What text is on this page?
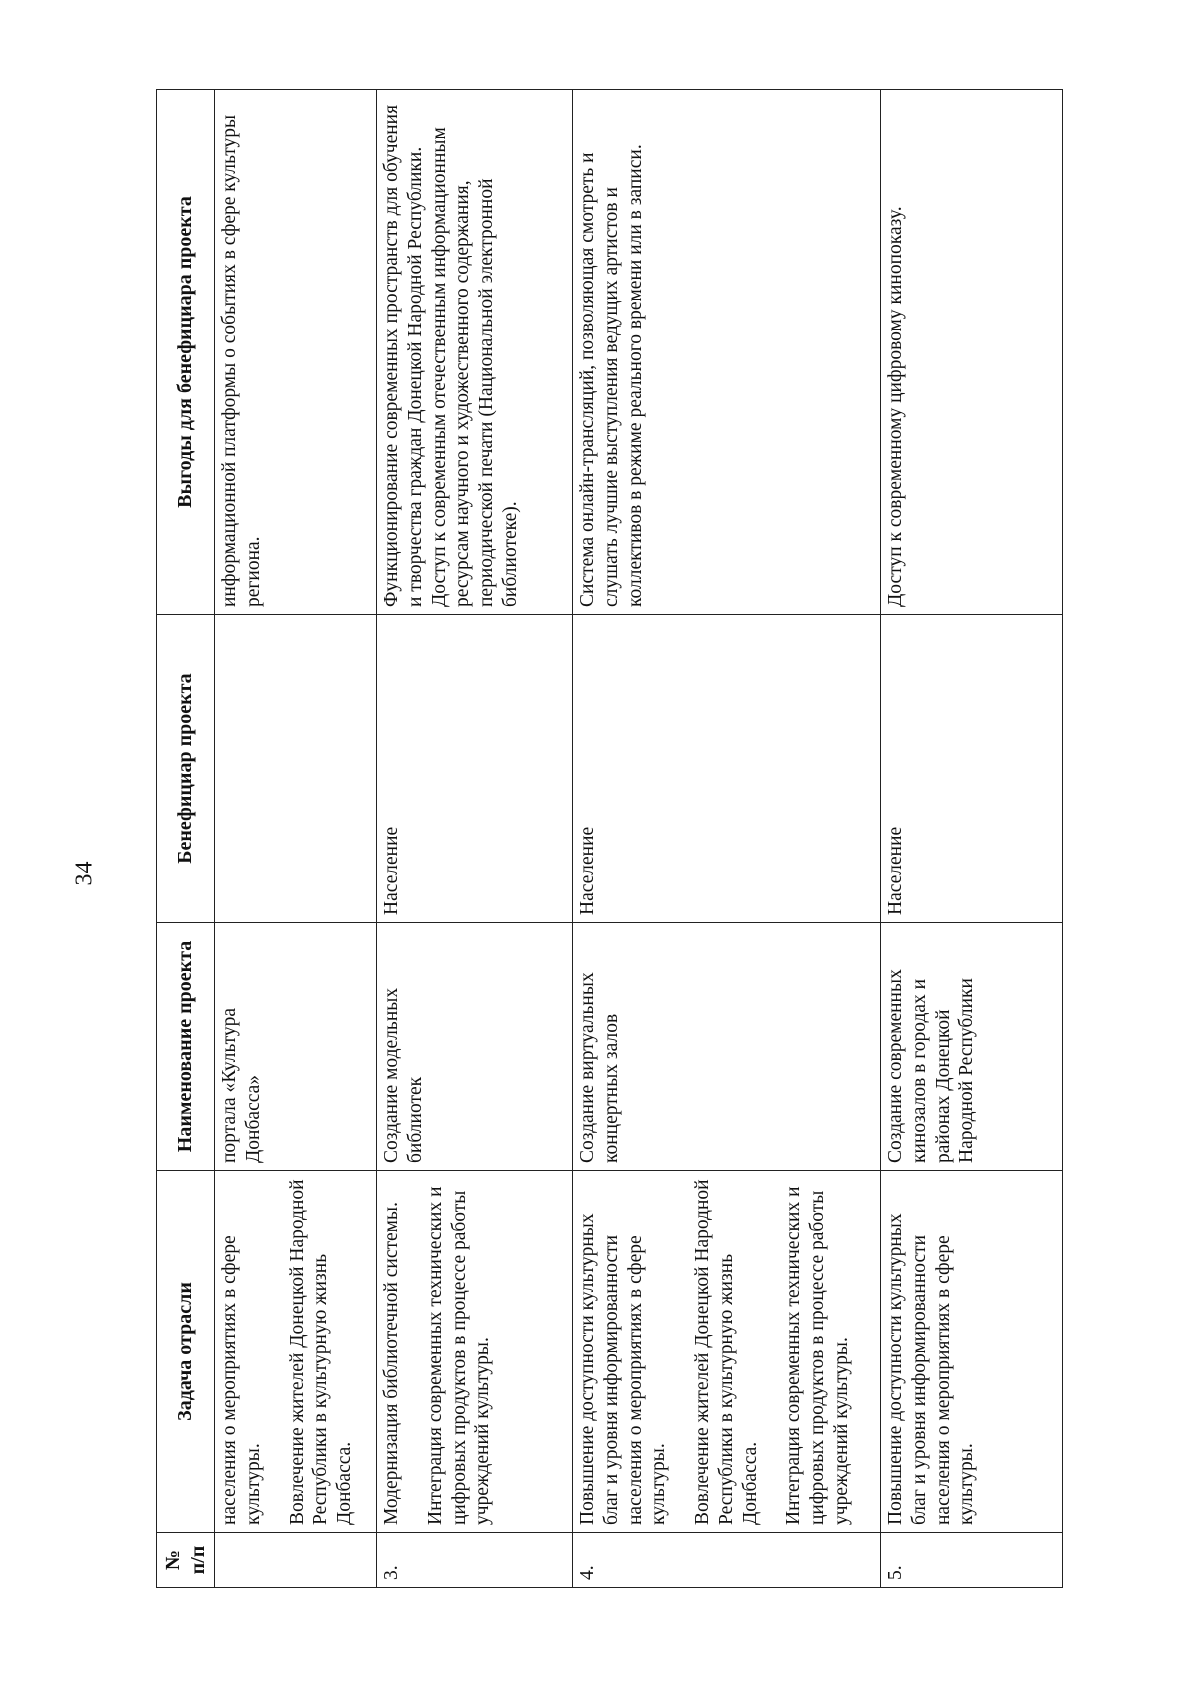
34
№ п/п	Задача отрасли	Наименование проекта	Бенефициар проекта	Выгоды для бенефициара проекта

	населения о мероприятиях в сфере культуры. Вовлечение жителей Донецкой Народной Республики в культурную жизнь Донбасса.	портала «Культура Донбасса»		информационной платформы о событиях в сфере культуры региона.
3.	Модернизация библиотечной системы. Интеграция современных технических и цифровых продуктов в процессе работы учреждений культуры.	Создание модельных библиотек	Население	Функционирование современных пространств для обучения и творчества граждан Донецкой Народной Республики. Доступ к современным отечественным информационным ресурсам научного и художественного содержания, периодической печати (Национальной электронной библиотеке).
4.	Повышение доступности культурных благ и уровня информированности населения о мероприятиях в сфере культуры. Вовлечение жителей Донецкой Народной Республики в культурную жизнь Донбасса. Интеграция современных технических и цифровых продуктов в процессе работы учреждений культуры.	Создание виртуальных концертных залов	Население	Система онлайн-трансляций, позволяющая смотреть и слушать лучшие выступления ведущих артистов и коллективов в режиме реального времени или в записи.
5.	Повышение доступности культурных благ и уровня информированности населения о мероприятиях в сфере культуры.	Создание современных кинозалов в городах и районах Донецкой Народной Республики	Население	Доступ к современному цифровому кинопоказу.
